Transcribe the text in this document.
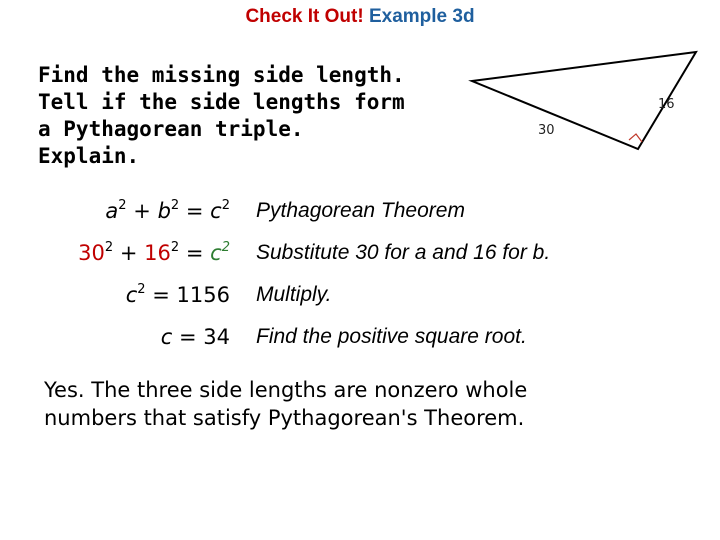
Check It Out! Example 3d
Find the missing side length.
Tell if the side lengths form
a Pythagorean triple.
Explain.
30
16
$a^2 + b^2 = c^2$ Pythagorean Theorem
$30^2 + 16^2 = c^2$ Substitute 30 for a and 16 for b.
$c^2 = 1156$ Multiply.
c = 34 Find the positive square root.
Yes. The three side lengths are nonzero whole
numbers that satisfy Pythagorean's Theorem.
